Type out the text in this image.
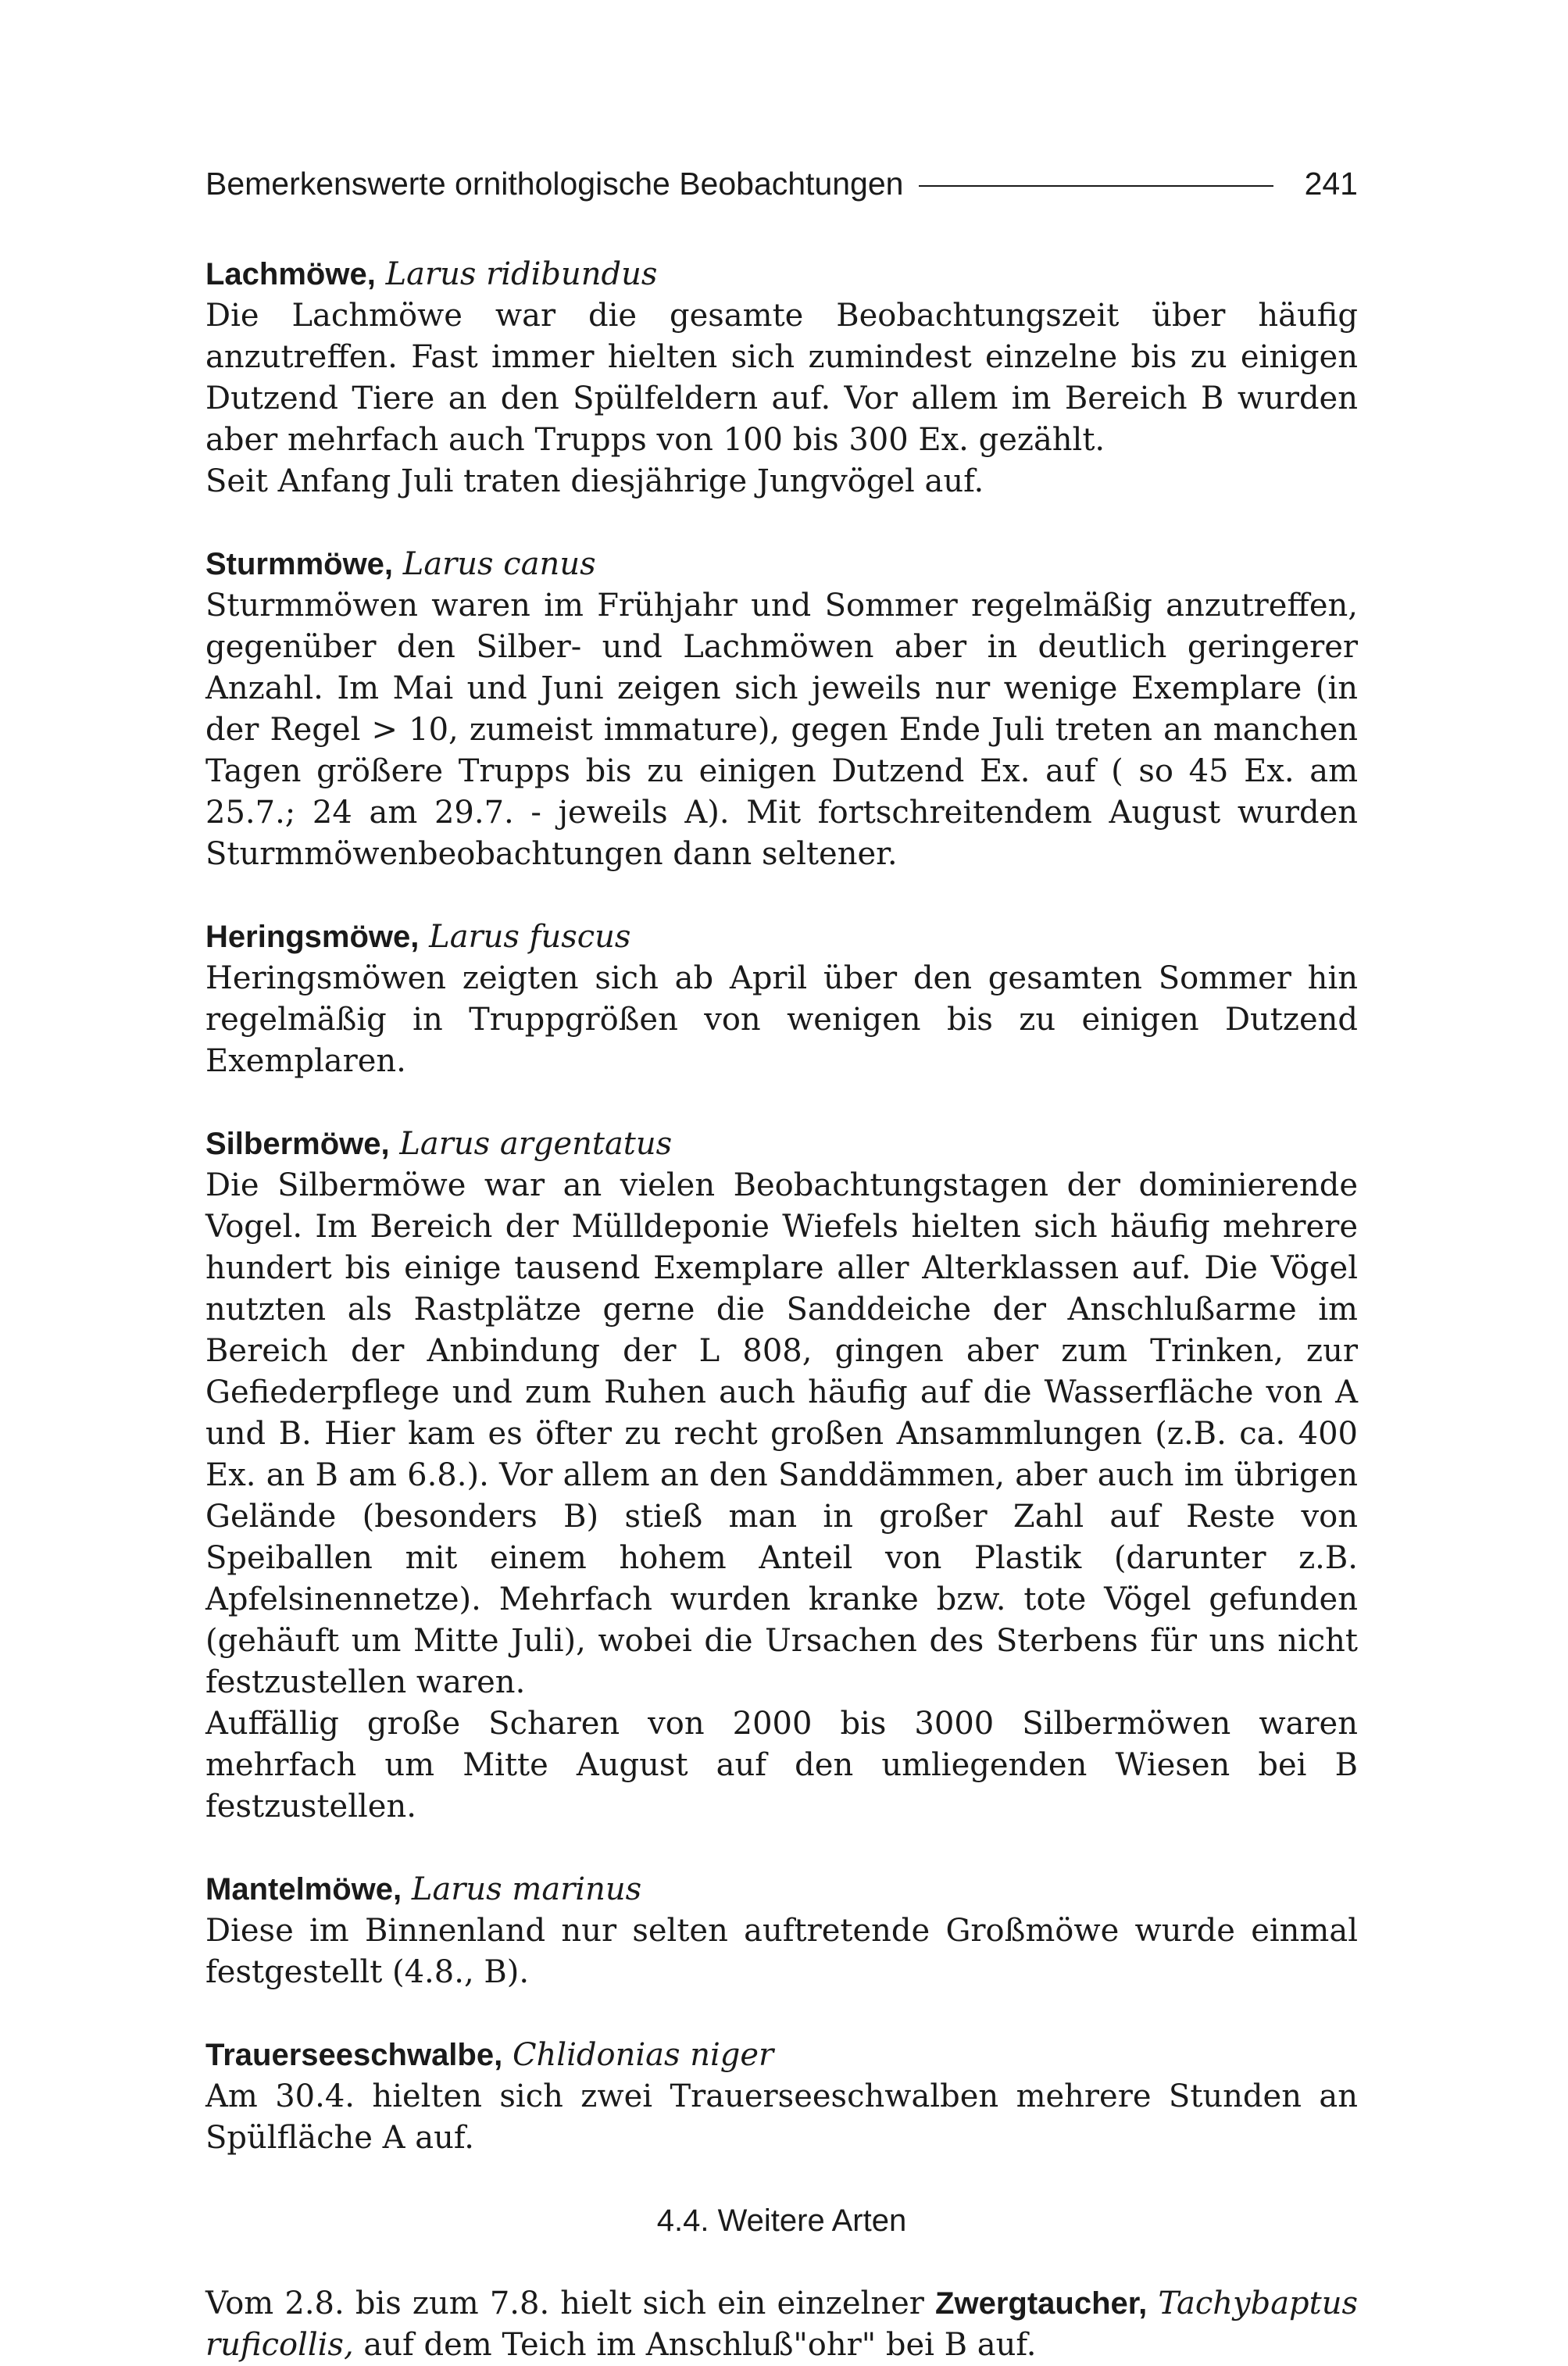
Bemerkenswerte ornithologische Beobachtungen	241

Lachmöwe, Larus ridibundus

Die Lachmöwe war die gesamte Beobachtungszeit über häufig anzutreffen. Fast immer hielten sich zumindest einzelne bis zu einigen Dutzend Tiere an den Spülfeldern auf. Vor allem im Bereich B wurden aber mehrfach auch Trupps von 100 bis 300 Ex. gezählt.

Seit Anfang Juli traten diesjährige Jungvögel auf.

Sturmmöwe, Larus canus

Sturmmöwen waren im Frühjahr und Sommer regelmäßig anzutreffen, gegenüber den Silber- und Lachmöwen aber in deutlich geringerer Anzahl. Im Mai und Juni zeigen sich jeweils nur wenige Exemplare (in der Regel > 10, zumeist immature), gegen Ende Juli treten an manchen Tagen größere Trupps bis zu einigen Dutzend Ex. auf ( so 45 Ex. am 25.7.; 24 am 29.7. - jeweils A). Mit fortschreitendem August wurden Sturmmöwenbeobachtungen dann seltener.

Heringsmöwe, Larus fuscus

Heringsmöwen zeigten sich ab April über den gesamten Sommer hin regelmäßig in Truppgrößen von wenigen bis zu einigen Dutzend Exemplaren.

Silbermöwe, Larus argentatus

Die Silbermöwe war an vielen Beobachtungstagen der dominierende Vogel. Im Bereich der Mülldeponie Wiefels hielten sich häufig mehrere hundert bis einige tausend Exemplare aller Alterklassen auf. Die Vögel nutzten als Rastplätze gerne die Sanddeiche der Anschlußarme im Bereich der Anbindung der L 808, gingen aber zum Trinken, zur Gefiederpflege und zum Ruhen auch häufig auf die Wasserfläche von A und B. Hier kam es öfter zu recht großen Ansammlungen (z.B. ca. 400 Ex. an B am 6.8.). Vor allem an den Sanddämmen, aber auch im übrigen Gelände (besonders B) stieß man in großer Zahl auf Reste von Speiballen mit einem hohem Anteil von Plastik (darunter z.B. Apfelsinennetze). Mehrfach wurden kranke bzw. tote Vögel gefunden (gehäuft um Mitte Juli), wobei die Ursachen des Sterbens für uns nicht festzustellen waren.

Auffällig große Scharen von 2000 bis 3000 Silbermöwen waren mehrfach um Mitte August auf den umliegenden Wiesen bei B festzustellen.

Mantelmöwe, Larus marinus

Diese im Binnenland nur selten auftretende Großmöwe wurde einmal festgestellt (4.8., B).

Trauerseeschwalbe, Chlidonias niger

Am 30.4. hielten sich zwei Trauerseeschwalben mehrere Stunden an Spülfläche A auf.

4.4. Weitere Arten

Vom 2.8. bis zum 7.8. hielt sich ein einzelner Zwergtaucher, Tachybaptus ruficollis, auf dem Teich im Anschluß"ohr" bei B auf.
